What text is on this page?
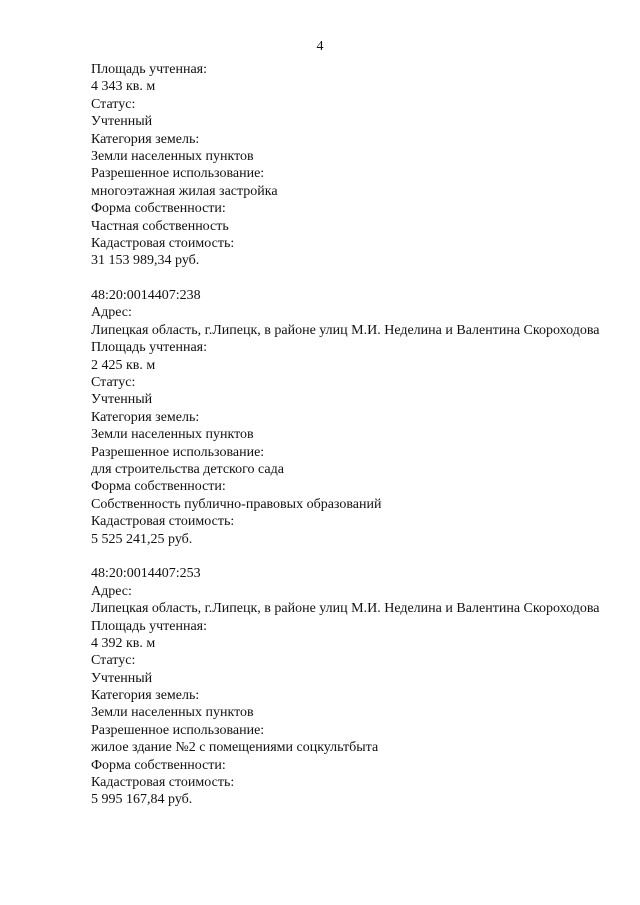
4
Площадь учтенная:
4 343 кв. м
Статус:
Учтенный
Категория земель:
Земли населенных пунктов
Разрешенное использование:
многоэтажная жилая застройка
Форма собственности:
Частная собственность
Кадастровая стоимость:
31 153 989,34 руб.
48:20:0014407:238
Адрес:
Липецкая область, г.Липецк, в районе улиц М.И. Неделина и Валентина Скороходова
Площадь учтенная:
2 425 кв. м
Статус:
Учтенный
Категория земель:
Земли населенных пунктов
Разрешенное использование:
для строительства детского сада
Форма собственности:
Собственность публично-правовых образований
Кадастровая стоимость:
5 525 241,25 руб.
48:20:0014407:253
Адрес:
Липецкая область, г.Липецк, в районе улиц М.И. Неделина и Валентина Скороходова
Площадь учтенная:
4 392 кв. м
Статус:
Учтенный
Категория земель:
Земли населенных пунктов
Разрешенное использование:
жилое здание №2 с помещениями соцкультбыта
Форма собственности:
Кадастровая стоимость:
5 995 167,84 руб.
